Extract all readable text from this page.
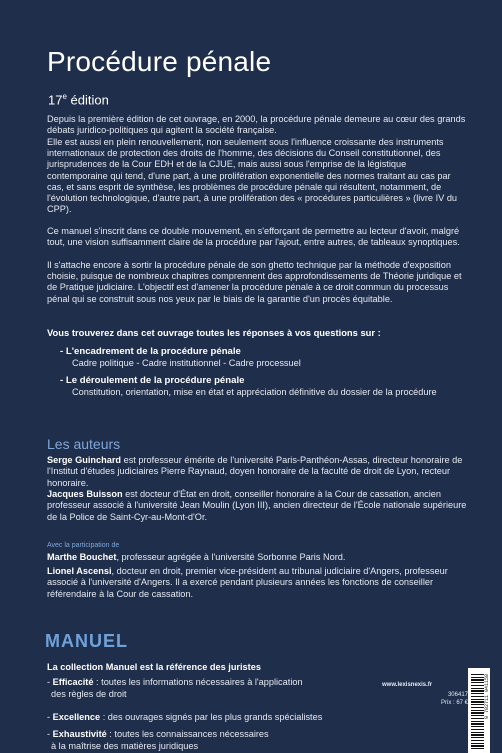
Procédure pénale
17e édition

Depuis la première édition de cet ouvrage, en 2000, la procédure pénale demeure au cœur des grands débats juridico-politiques qui agitent la société française.

Elle est aussi en plein renouvellement, non seulement sous l'influence croissante des instruments internationaux de protection des droits de l'homme, des décisions du Conseil constitutionnel, des jurisprudences de la Cour EDH et de la CJUE, mais aussi sous l'emprise de la légistique contemporaine qui tend, d'une part, à une prolifération exponentielle des normes traitant au cas par cas, et sans esprit de synthèse, les problèmes de procédure pénale qui résultent, notamment, de l'évolution technologique, d'autre part, à une prolifération des « procédures particulières » (livre IV du CPP).

Ce manuel s'inscrit dans ce double mouvement, en s'efforçant de permettre au lecteur d'avoir, malgré tout, une vision suffisamment claire de la procédure par l'ajout, entre autres, de tableaux synoptiques.

Il s'attache encore à sortir la procédure pénale de son ghetto technique par la méthode d'exposition choisie, puisque de nombreux chapitres comprennent des approfondissements de Théorie juridique et de Pratique judiciaire. L'objectif est d'amener la procédure pénale à ce droit commun du processus pénal qui se construit sous nos yeux par le biais de la garantie d'un procès équitable.

Vous trouverez dans cet ouvrage toutes les réponses à vos questions sur :
- L'encadrement de la procédure pénale
Cadre politique - Cadre institutionnel - Cadre processuel
- Le déroulement de la procédure pénale
Constitution, orientation, mise en état et appréciation définitive du dossier de la procédure
Les auteurs

Serge Guinchard est professeur émérite de l'université Paris-Panthéon-Assas, directeur honoraire de l'Institut d'études judiciaires Pierre Raynaud, doyen honoraire de la faculté de droit de Lyon, recteur honoraire.

Jacques Buisson est docteur d'État en droit, conseiller honoraire à la Cour de cassation, ancien professeur associé à l'université Jean Moulin (Lyon III), ancien directeur de l'École nationale supérieure de la Police de Saint-Cyr-au-Mont-d'Or.

Avec la participation de

Marthe Bouchet, professeur agrégée à l'université Sorbonne Paris Nord.

Lionel Ascensi, docteur en droit, premier vice-président au tribunal judiciaire d'Angers, professeur associé à l'université d'Angers. Il a exercé pendant plusieurs années les fonctions de conseiller référendaire à la Cour de cassation.

MANUEL
La collection Manuel est la référence des juristes
- Efficacité : toutes les informations nécessaires à l'application
des règles de droit
- Excellence : des ouvrages signés par les plus grands spécialistes
- Exhaustivité : toutes les connaissances nécessaires
à la maîtrise des matières juridiques
www.lexisnexis.fr
306417
Prix : 67 €	9 782711 041158
